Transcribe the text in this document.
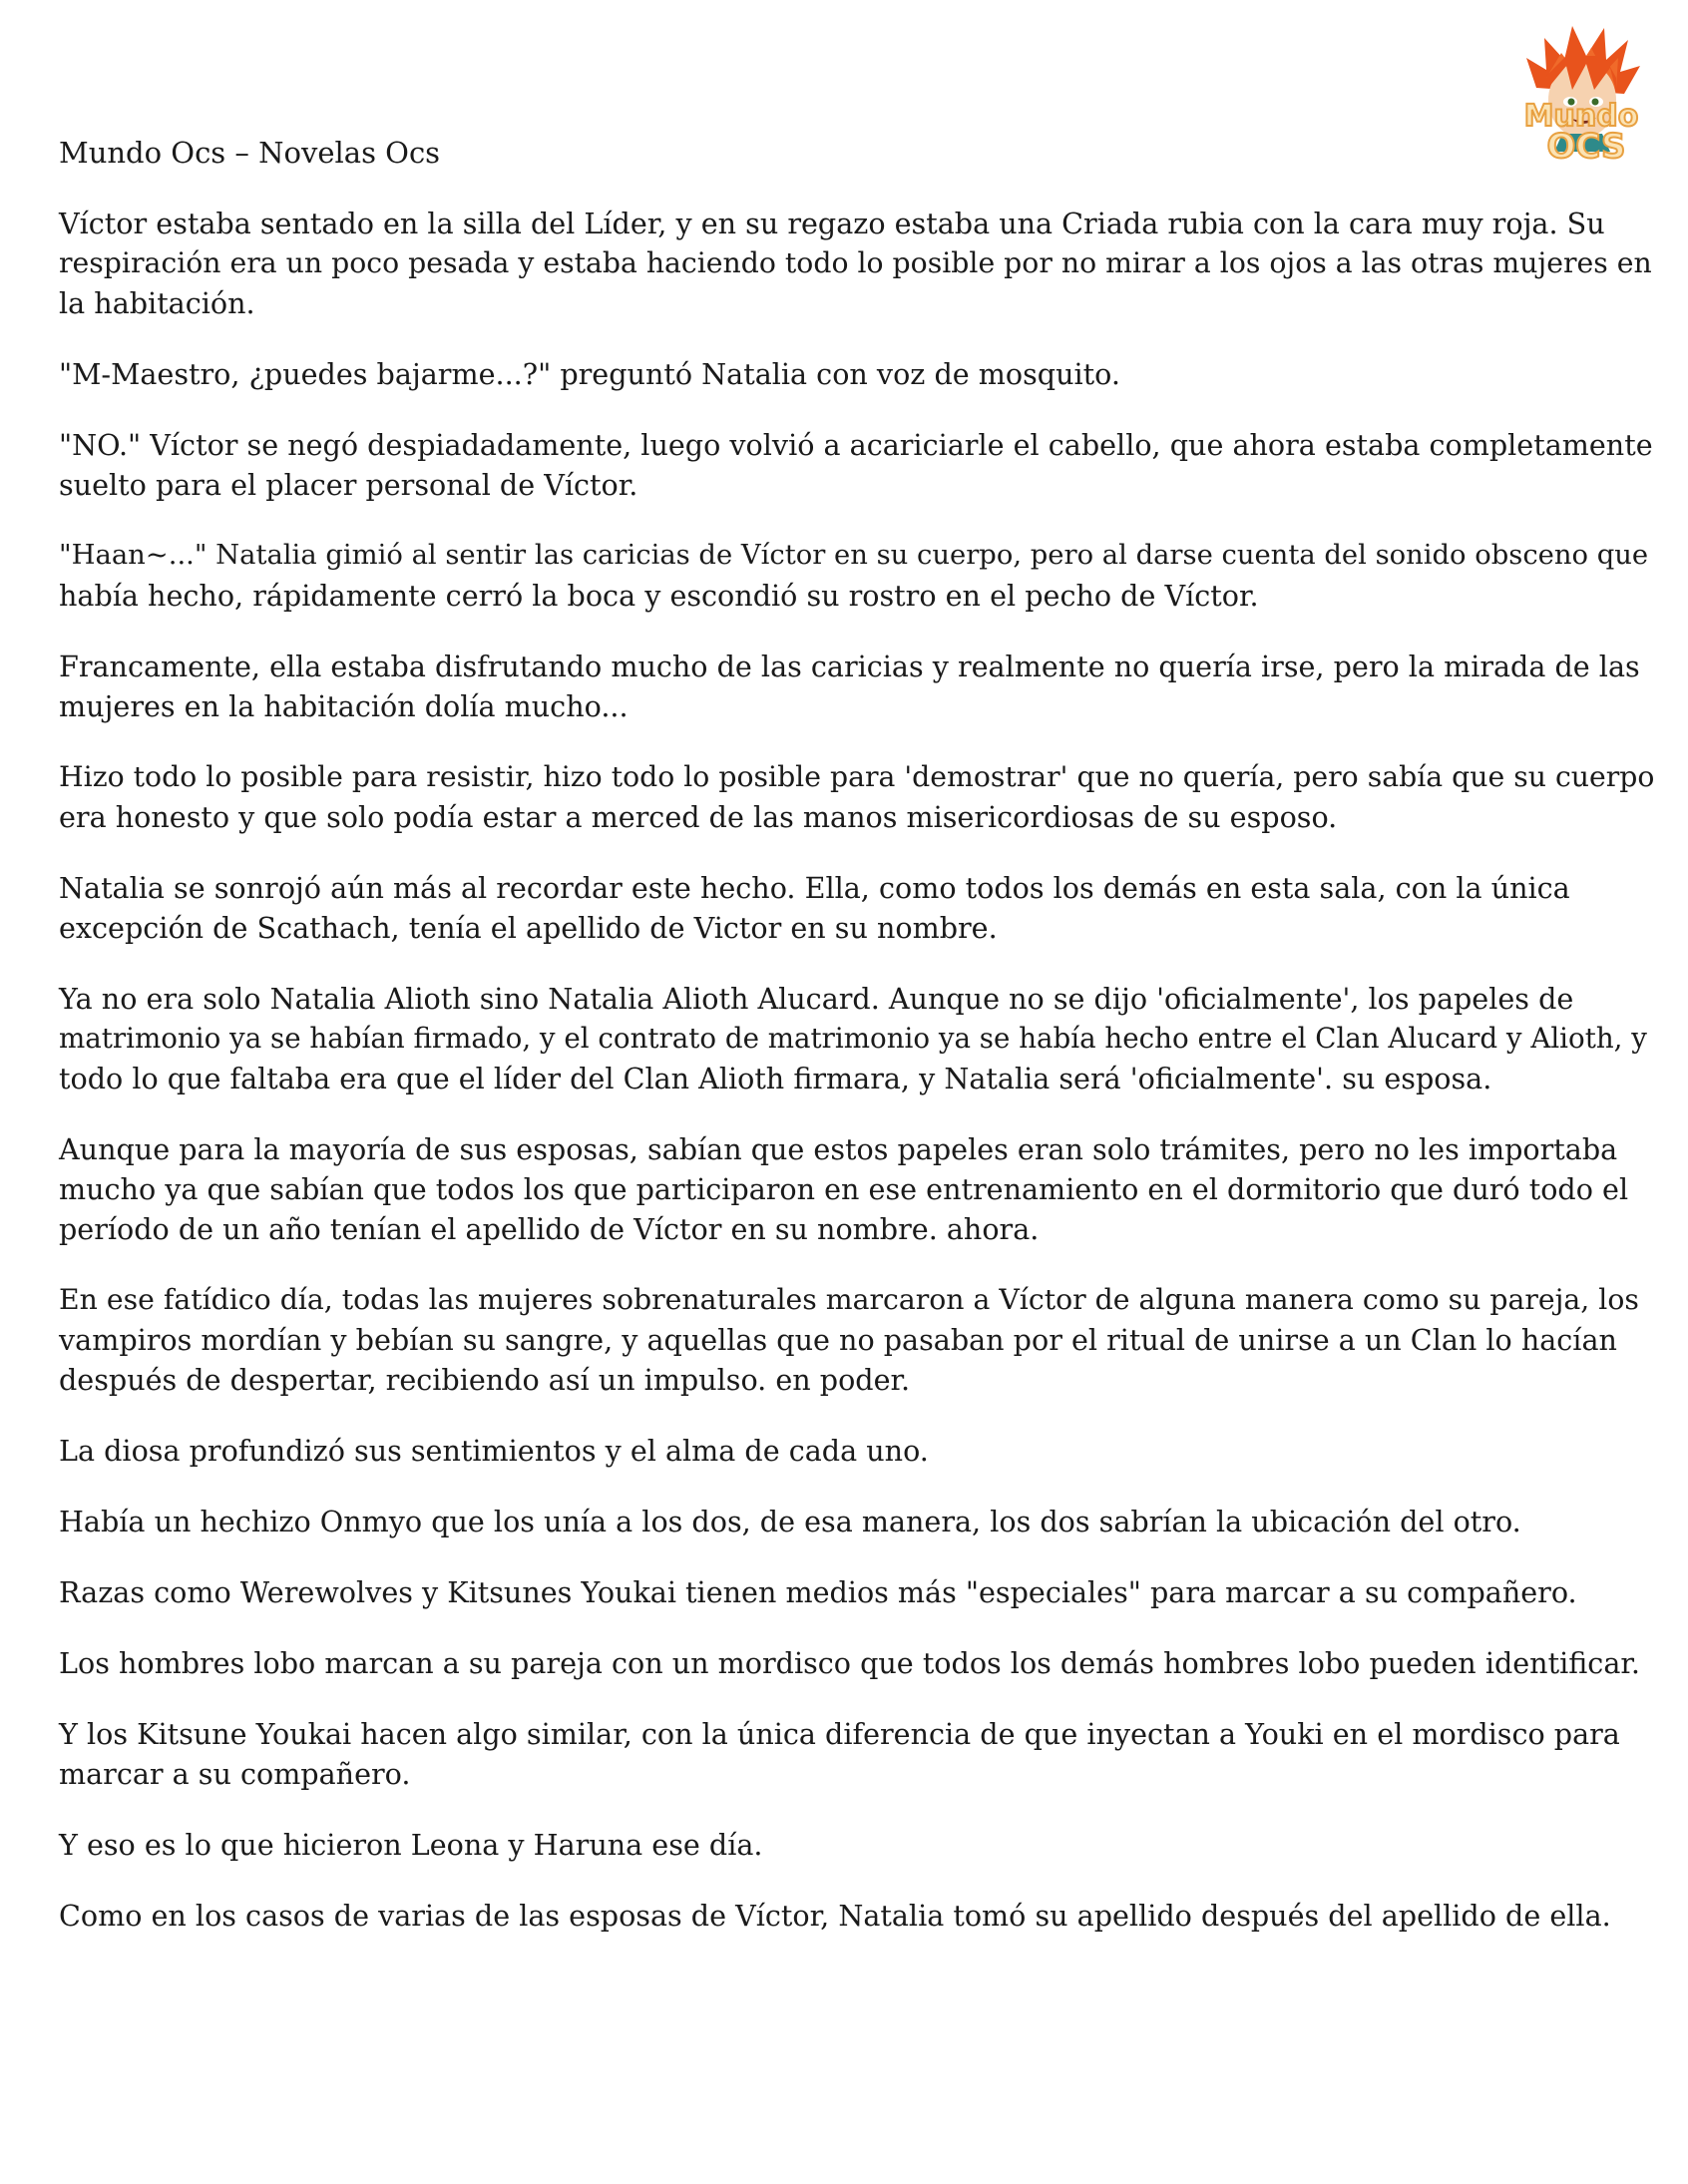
Mundo Ocs – Novelas Ocs
Mundo
OCS

Víctor estaba sentado en la silla del Líder, y en su regazo estaba una Criada rubia con la cara muy roja. Su
respiración era un poco pesada y estaba haciendo todo lo posible por no mirar a los ojos a las otras mujeres en
la habitación.

"M-Maestro, ¿puedes bajarme...?" preguntó Natalia con voz de mosquito.

"NO." Víctor se negó despiadadamente, luego volvió a acariciarle el cabello, que ahora estaba completamente
suelto para el placer personal de Víctor.

"Haan~..." Natalia gimió al sentir las caricias de Víctor en su cuerpo, pero al darse cuenta del sonido obsceno que
había hecho, rápidamente cerró la boca y escondió su rostro en el pecho de Víctor.

Francamente, ella estaba disfrutando mucho de las caricias y realmente no quería irse, pero la mirada de las
mujeres en la habitación dolía mucho...

Hizo todo lo posible para resistir, hizo todo lo posible para 'demostrar' que no quería, pero sabía que su cuerpo
era honesto y que solo podía estar a merced de las manos misericordiosas de su esposo.

Natalia se sonrojó aún más al recordar este hecho. Ella, como todos los demás en esta sala, con la única
excepción de Scathach, tenía el apellido de Victor en su nombre.

Ya no era solo Natalia Alioth sino Natalia Alioth Alucard. Aunque no se dijo 'oficialmente', los papeles de
matrimonio ya se habían firmado, y el contrato de matrimonio ya se había hecho entre el Clan Alucard y Alioth, y
todo lo que faltaba era que el líder del Clan Alioth firmara, y Natalia será 'oficialmente'. su esposa.

Aunque para la mayoría de sus esposas, sabían que estos papeles eran solo trámites, pero no les importaba
mucho ya que sabían que todos los que participaron en ese entrenamiento en el dormitorio que duró todo el
período de un año tenían el apellido de Víctor en su nombre. ahora.

En ese fatídico día, todas las mujeres sobrenaturales marcaron a Víctor de alguna manera como su pareja, los
vampiros mordían y bebían su sangre, y aquellas que no pasaban por el ritual de unirse a un Clan lo hacían
después de despertar, recibiendo así un impulso. en poder.

La diosa profundizó sus sentimientos y el alma de cada uno.

Había un hechizo Onmyo que los unía a los dos, de esa manera, los dos sabrían la ubicación del otro.

Razas como Werewolves y Kitsunes Youkai tienen medios más "especiales" para marcar a su compañero.

Los hombres lobo marcan a su pareja con un mordisco que todos los demás hombres lobo pueden identificar.

Y los Kitsune Youkai hacen algo similar, con la única diferencia de que inyectan a Youki en el mordisco para
marcar a su compañero.

Y eso es lo que hicieron Leona y Haruna ese día.

Como en los casos de varias de las esposas de Víctor, Natalia tomó su apellido después del apellido de ella.
